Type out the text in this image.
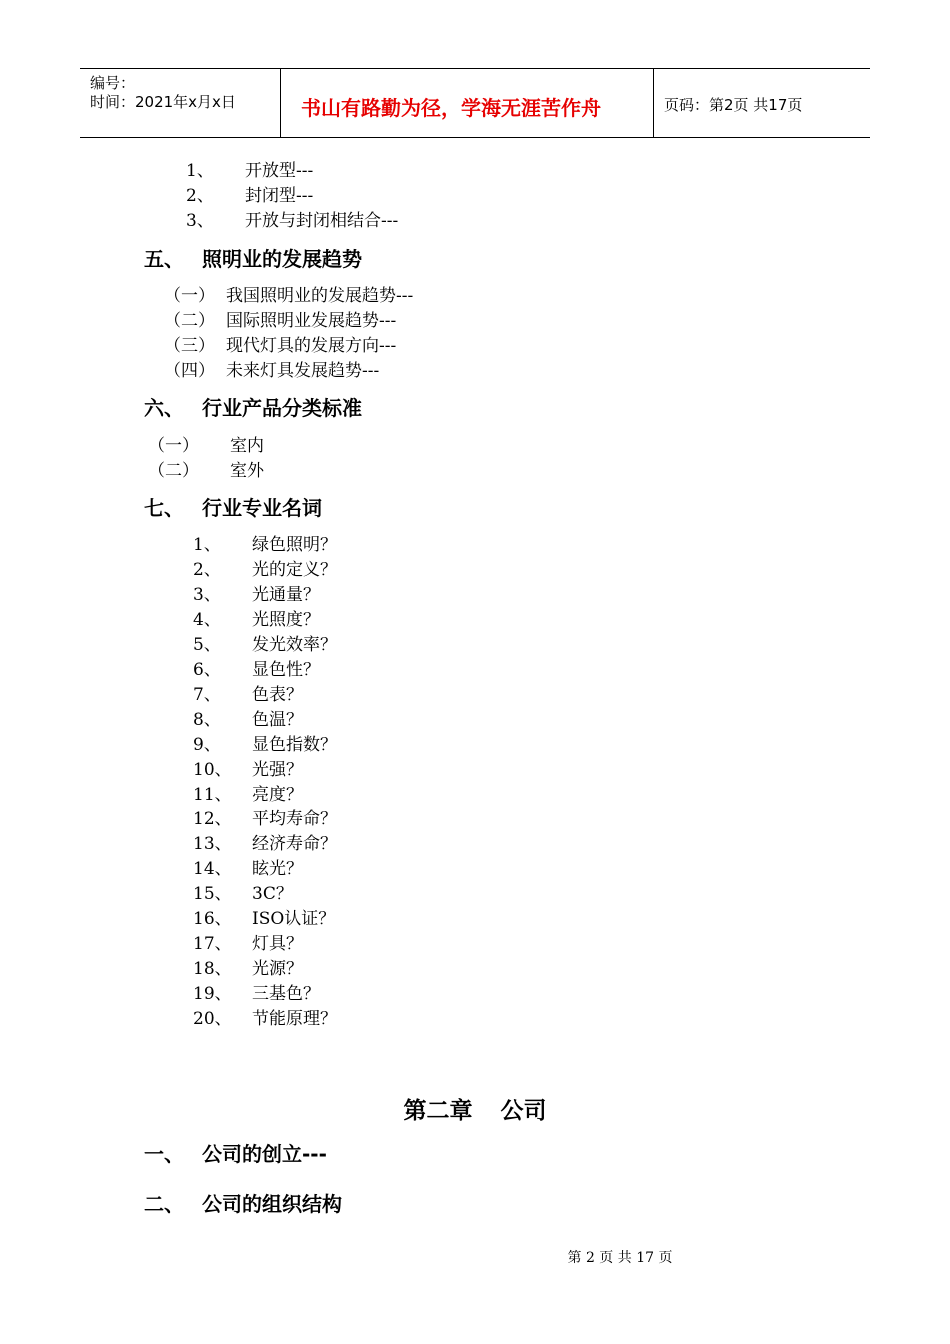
编号：
时间：2021年x月x日	书山有路勤为径，学海无涯苦作舟	页码：第2页 共17页
1、 开放型---
2、 封闭型---
3、 开放与封闭相结合---
五、 照明业的发展趋势
（一） 我国照明业的发展趋势---
（二） 国际照明业发展趋势---
（三） 现代灯具的发展方向---
（四） 未来灯具发展趋势---
六、 行业产品分类标准
（一） 室内
（二） 室外
七、 行业专业名词
1、 绿色照明？
2、 光的定义？
3、 光通量？
4、 光照度？
5、 发光效率？
6、 显色性？
7、 色表？
8、 色温？
9、 显色指数？
10、 光强？
11、 亮度？
12、 平均寿命？
13、 经济寿命？
14、 眩光？
15、 3C？
16、 ISO认证？
17、 灯具？
18、 光源？
19、 三基色？
20、 节能原理？
第二章 公司
一、 公司的创立---
二、 公司的组织结构
第 2 页 共 17 页
